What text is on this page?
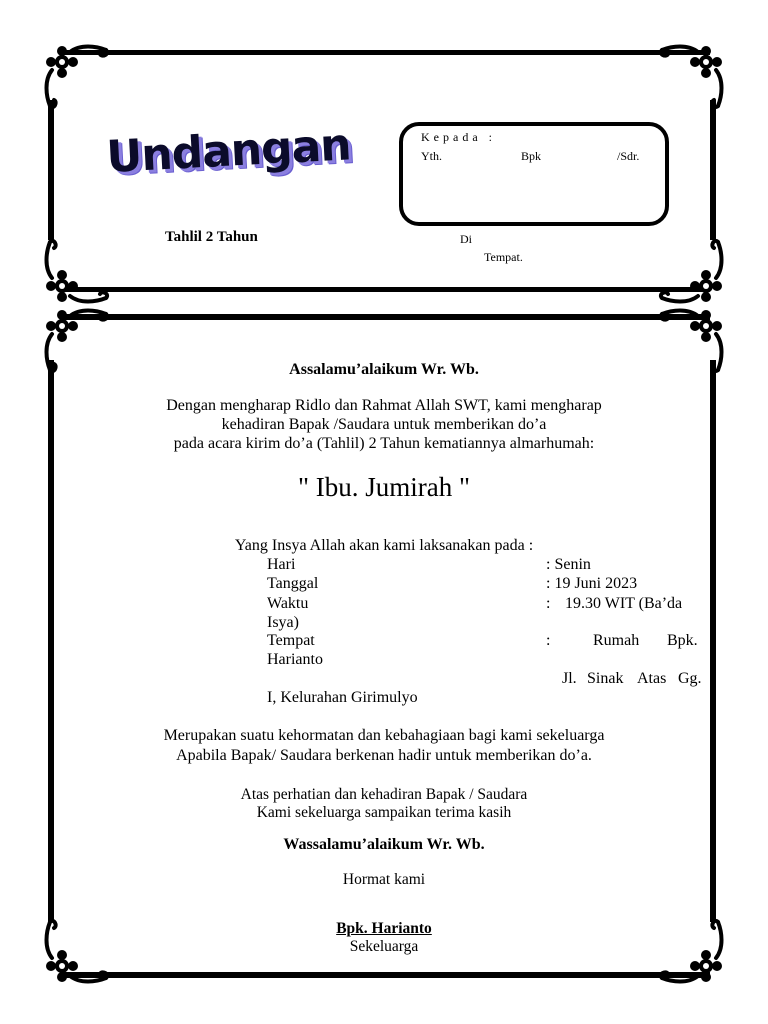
Undangan
Tahlil 2 Tahun
Kepada :
Yth.	Bpk	/Sdr.
Di
Tempat.
Assalamu’alaikum Wr. Wb.
Dengan mengharap Ridlo dan Rahmat Allah SWT, kami mengharap
kehadiran Bapak /Saudara untuk memberikan do’a
pada acara kirim do’a (Tahlil) 2 Tahun kematiannya almarhumah:
" Ibu. Jumirah "
Yang Insya Allah akan kami laksanakan pada :
Hari	: Senin
Tanggal	: 19 Juni 2023
Waktu	: 19.30 WIT (Ba’da
Isya)
Tempat	:	Rumah Bpk.
Harianto
Jl. Sinak Atas Gg.
I, Kelurahan Girimulyo
Merupakan suatu kehormatan dan kebahagiaan bagi kami sekeluarga
Apabila Bapak/ Saudara berkenan hadir untuk memberikan do’a.
Atas perhatian dan kehadiran Bapak / Saudara
Kami sekeluarga sampaikan terima kasih
Wassalamu’alaikum Wr. Wb.
Hormat kami
Bpk. Harianto
Sekeluarga
